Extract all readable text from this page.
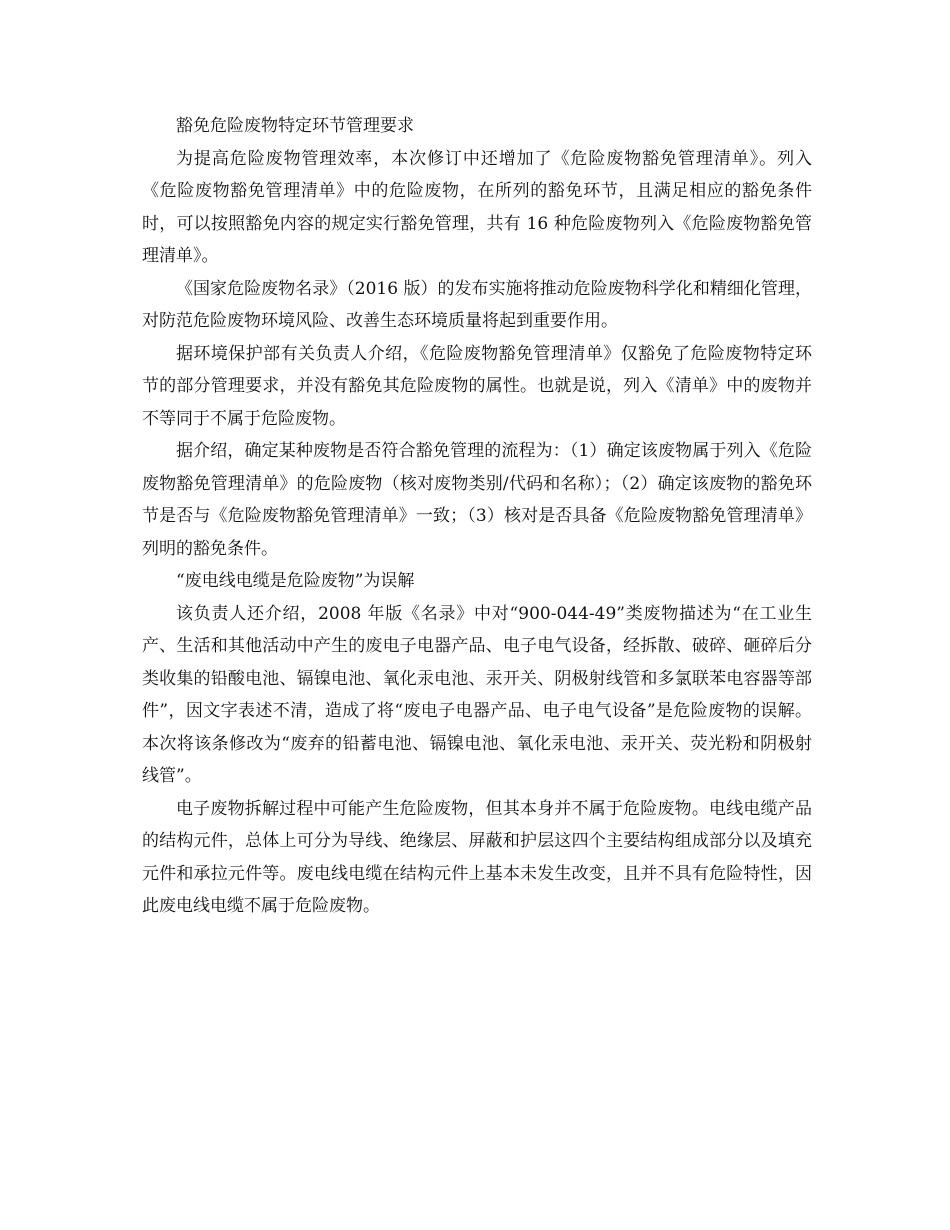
豁免危险废物特定环节管理要求

为提高危险废物管理效率，本次修订中还增加了《危险废物豁免管理清单》。列入《危险废物豁免管理清单》中的危险废物，在所列的豁免环节，且满足相应的豁免条件时，可以按照豁免内容的规定实行豁免管理，共有 16 种危险废物列入《危险废物豁免管理清单》。

《国家危险废物名录》（2016 版）的发布实施将推动危险废物科学化和精细化管理，对防范危险废物环境风险、改善生态环境质量将起到重要作用。

据环境保护部有关负责人介绍，《危险废物豁免管理清单》仅豁免了危险废物特定环节的部分管理要求，并没有豁免其危险废物的属性。也就是说，列入《清单》中的废物并不等同于不属于危险废物。

据介绍，确定某种废物是否符合豁免管理的流程为：（1）确定该废物属于列入《危险废物豁免管理清单》的危险废物（核对废物类别/代码和名称）；（2）确定该废物的豁免环节是否与《危险废物豁免管理清单》一致；（3）核对是否具备《危险废物豁免管理清单》列明的豁免条件。

“废电线电缆是危险废物”为误解

该负责人还介绍，2008 年版《名录》中对“900-044-49”类废物描述为“在工业生产、生活和其他活动中产生的废电子电器产品、电子电气设备，经拆散、破碎、砸碎后分类收集的铅酸电池、镉镍电池、氧化汞电池、汞开关、阴极射线管和多氯联苯电容器等部件”，因文字表述不清，造成了将“废电子电器产品、电子电气设备”是危险废物的误解。本次将该条修改为“废弃的铅蓄电池、镉镍电池、氧化汞电池、汞开关、荧光粉和阴极射线管”。

电子废物拆解过程中可能产生危险废物，但其本身并不属于危险废物。电线电缆产品的结构元件，总体上可分为导线、绝缘层、屏蔽和护层这四个主要结构组成部分以及填充元件和承拉元件等。废电线电缆在结构元件上基本未发生改变，且并不具有危险特性，因此废电线电缆不属于危险废物。
